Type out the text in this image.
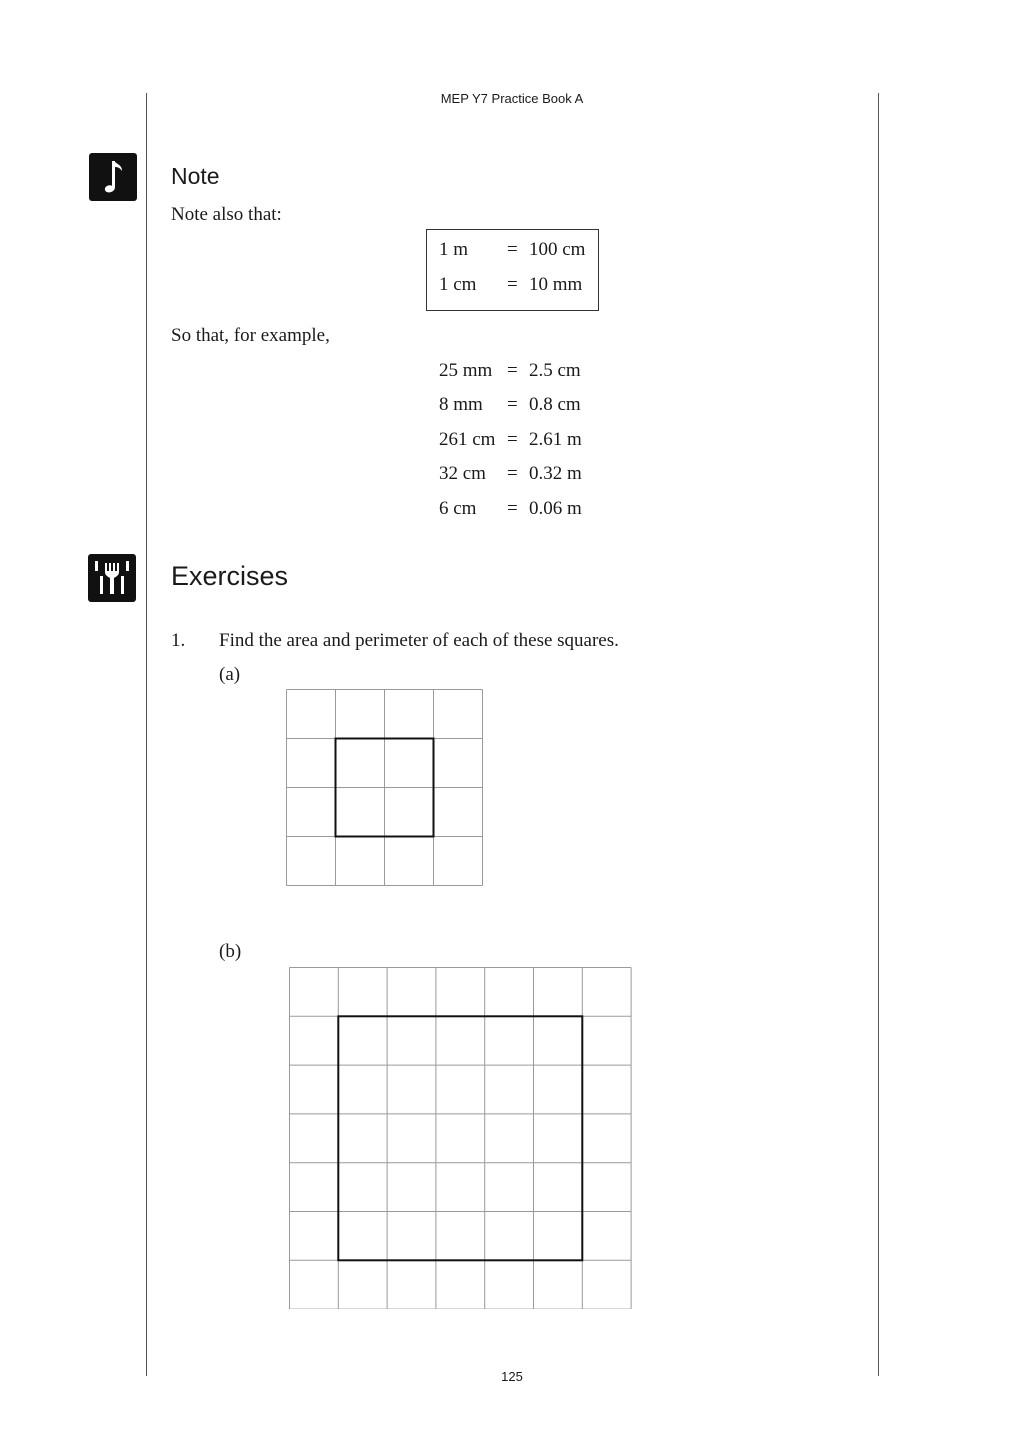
MEP Y7 Practice Book A
Note
Note also that:
1 m = 100 cm
1 cm = 10 mm
So that, for example,
25 mm = 2.5 cm
8 mm = 0.8 cm
261 cm = 2.61 m
32 cm = 0.32 m
6 cm = 0.06 m
Exercises
1. Find the area and perimeter of each of these squares.
(a)
(b)
125
